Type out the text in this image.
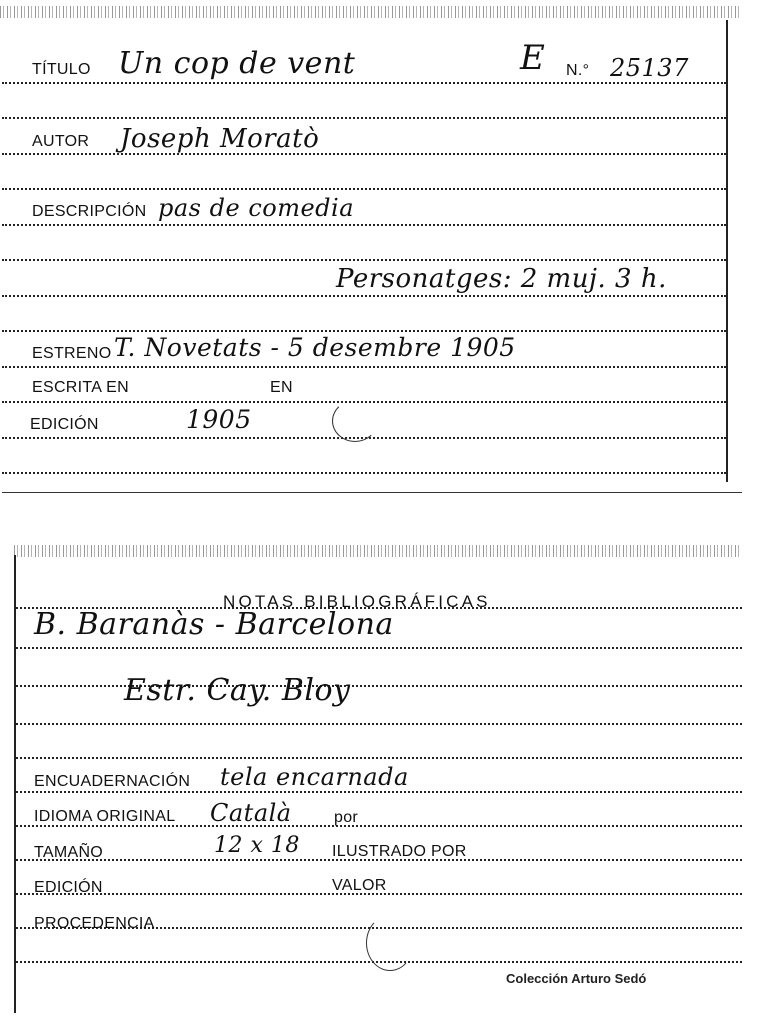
TÍTULO Un cop de vent	E N.° 25137
AUTOR Joseph Moratò
DESCRIPCIÓN pas de comedia
Personatges: 2 muj. 3 h.
ESTRENO T. Novetats - 5 desembre 1905
ESCRITA EN	EN
EDICIÓN	1905
NOTAS BIBLIOGRÁFICAS
B. Baranàs - Barcelona
Estr. Cay. Bloy
ENCUADERNACIÓN tela encarnada
IDIOMA ORIGINAL Català	por
TAMAÑO	12 x 18 ILUSTRADO POR
EDICIÓN	VALOR
PROCEDENCIA
Colección Arturo Sedó
